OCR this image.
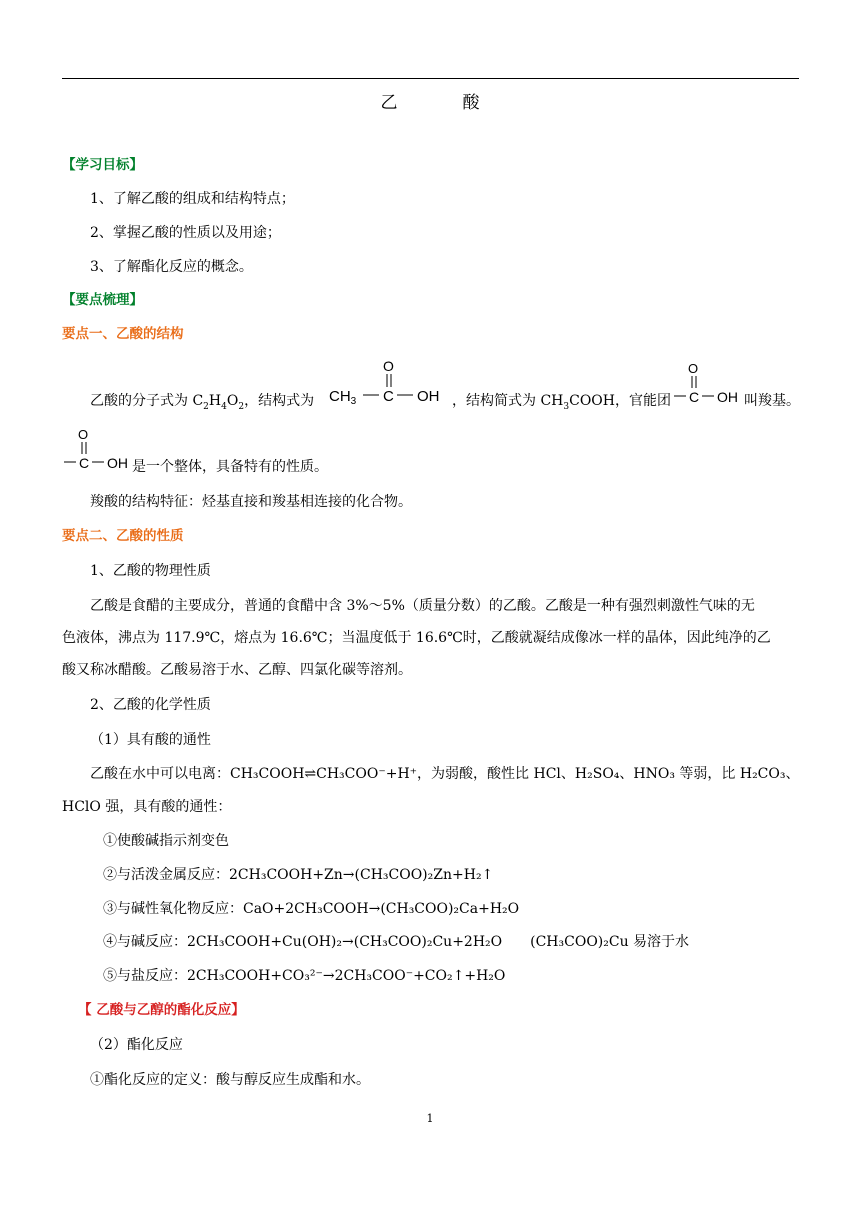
乙　酸
【学习目标】
1、了解乙酸的组成和结构特点；
2、掌握乙酸的性质以及用途；
3、了解酯化反应的概念。
【要点梳理】
要点一、乙酸的结构
乙酸的分子式为 $C_2H_4O_2$，结构式为 $CH_3$ C
O
OH ，结构简式为 $CH_3COOH$，官能团 C
O
OH 叫羧基。
C
O
OH 是一个整体，具备特有的性质。
羧酸的结构特征：烃基直接和羧基相连接的化合物。
要点二、乙酸的性质
1、乙酸的物理性质
乙酸是食醋的主要成分，普通的食醋中含 3%～5%（质量分数）的乙酸。乙酸是一种有强烈刺激性气味的无
色液体，沸点为 117.9℃，熔点为 16.6℃；当温度低于 16.6℃时，乙酸就凝结成像冰一样的晶体，因此纯净的乙
酸又称冰醋酸。乙酸易溶于水、乙醇、四氯化碳等溶剂。
2、乙酸的化学性质
（1）具有酸的通性
乙酸在水中可以电离：CH₃COOH⇌CH₃COO⁻+H⁺，为弱酸，酸性比 HCl、H₂SO₄、HNO₃ 等弱，比 H₂CO₃、
HClO 强，具有酸的通性：
①使酸碱指示剂变色
②与活泼金属反应：2CH₃COOH+Zn→(CH₃COO)₂Zn+H₂↑
③与碱性氧化物反应：CaO+2CH₃COOH→(CH₃COO)₂Ca+H₂O
④与碱反应：2CH₃COOH+Cu(OH)₂→(CH₃COO)₂Cu+2H₂O　　(CH₃COO)₂Cu 易溶于水
⑤与盐反应：2CH₃COOH+CO₃²⁻→2CH₃COO⁻+CO₂↑+H₂O
【 乙酸与乙醇的酯化反应】
（2）酯化反应
①酯化反应的定义：酸与醇反应生成酯和水。
1
